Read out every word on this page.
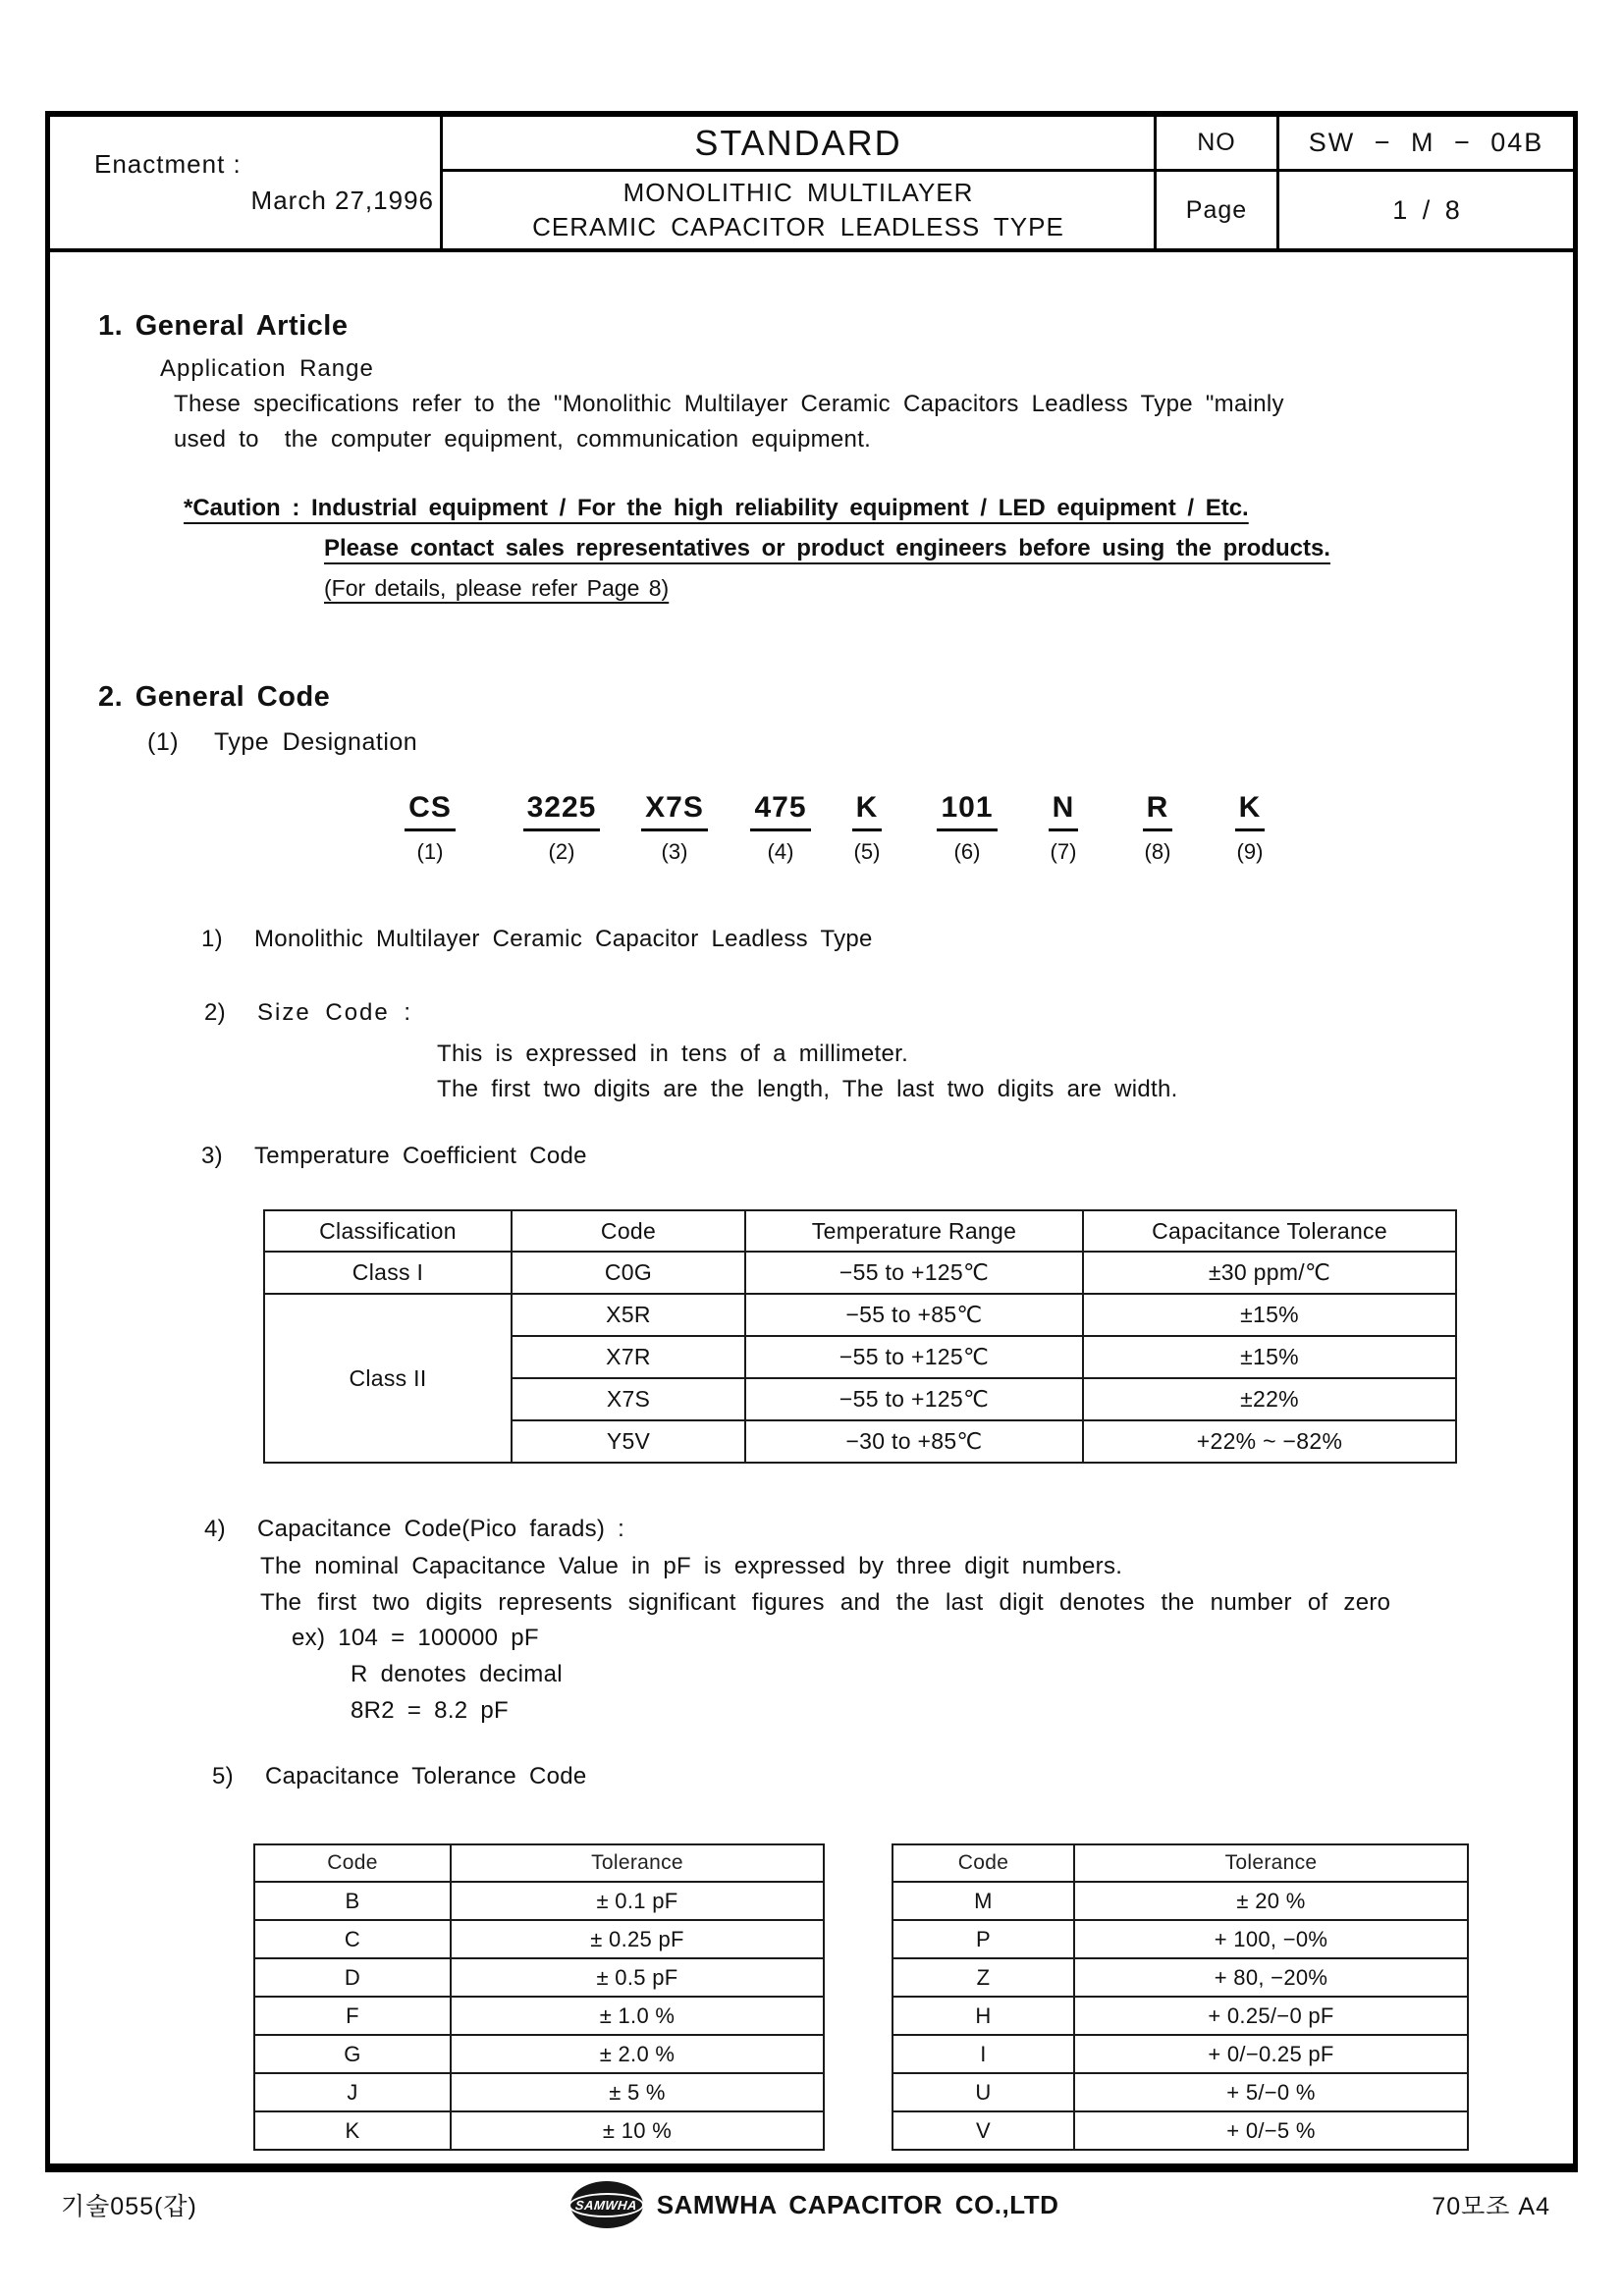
Enactment :
March 27,1996
STANDARD	NO	SW − M − 04B
MONOLITHIC MULTILAYER
CERAMIC CAPACITOR LEADLESS TYPE
Page	1 / 8
1. General Article
Application Range
These specifications refer to the "Monolithic Multilayer Ceramic Capacitors Leadless Type "mainly
used to  the computer equipment, communication equipment.
*Caution : Industrial equipment / For the high reliability equipment / LED equipment / Etc.
Please contact sales representatives or product engineers before using the products.
(For details, please refer Page 8)
2. General Code
(1) Type Designation
CS
(1)
3225
(2)
X7S
(3)
475
(4)
K
(5)
101
(6)
N
(7)
R
(8)
K
(9)
1)	Monolithic Multilayer Ceramic Capacitor Leadless Type
2)	Size Code :
This is expressed in tens of a millimeter.
The first two digits are the length, The last two digits are width.
3)	Temperature Coefficient Code
Classification	Code	Temperature Range	Capacitance Tolerance
Class I	C0G	−55 to +125℃	±30 ppm/℃
Class II	X5R	−55 to +85℃	±15%
	X7R	−55 to +125℃	±15%
	X7S	−55 to +125℃	±22%
	Y5V	−30 to +85℃	+22% ~ −82%
4)	Capacitance Code(Pico farads) :
The nominal Capacitance Value in pF is expressed by three digit numbers.
The first two digits represents significant figures and the last digit denotes the number of zero
ex) 104 = 100000 pF
R denotes decimal
8R2 = 8.2 pF
5)	Capacitance Tolerance Code
Code	Tolerance
B	± 0.1 pF
C	± 0.25 pF
D	± 0.5 pF
F	± 1.0 %
G	± 2.0 %
J	± 5 %
K	± 10 %
Code	Tolerance
M	± 20 %
P	+ 100, −0%
Z	+ 80, −20%
H	+ 0.25/−0 pF
I	+ 0/−0.25 pF
U	+ 5/−0 %
V	+ 0/−5 %
기술055(갑)	SAMWHA SAMWHA CAPACITOR CO.,LTD	70모조 A4
